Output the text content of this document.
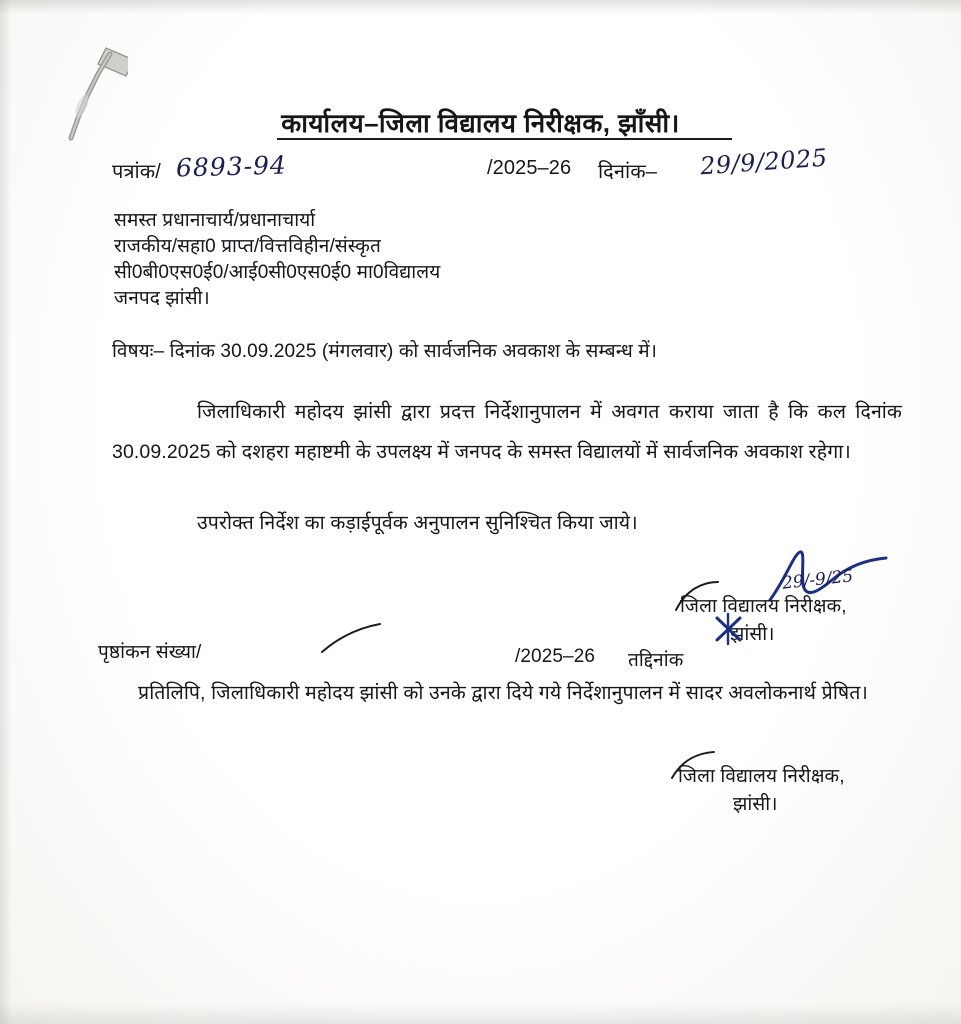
कार्यालय–जिला विद्यालय निरीक्षक, झाँसी।
पत्रांक/ 6893-94	/2025–26 दिनांक– 29/9/2025
समस्त प्रधानाचार्य/प्रधानाचार्या
राजकीय/सहा0 प्राप्त/वित्तविहीन/संस्कृत
सी0बी0एस0ई0/आई0सी0एस0ई0 मा0विद्यालय
जनपद झांसी।
विषयः– दिनांक 30.09.2025 (मंगलवार) को सार्वजनिक अवकाश के सम्बन्ध में।
जिलाधिकारी महोदय झांसी द्वारा प्रदत्त निर्देशानुपालन में अवगत कराया जाता है कि कल दिनांक 30.09.2025 को दशहरा महाष्टमी के उपलक्ष्य में जनपद के समस्त विद्यालयों में सार्वजनिक अवकाश रहेगा।
उपरोक्त निर्देश का कड़ाईपूर्वक अनुपालन सुनिश्चित किया जाये।
29/-9/25
जिला विद्यालय निरीक्षक,
झांसी।
पृष्ठांकन संख्या/	/2025–26 तद्दिनांक
प्रतिलिपि, जिलाधिकारी महोदय झांसी को उनके द्वारा दिये गये निर्देशानुपालन में सादर अवलोकनार्थ प्रेषित।
जिला विद्यालय निरीक्षक,
झांसी।
